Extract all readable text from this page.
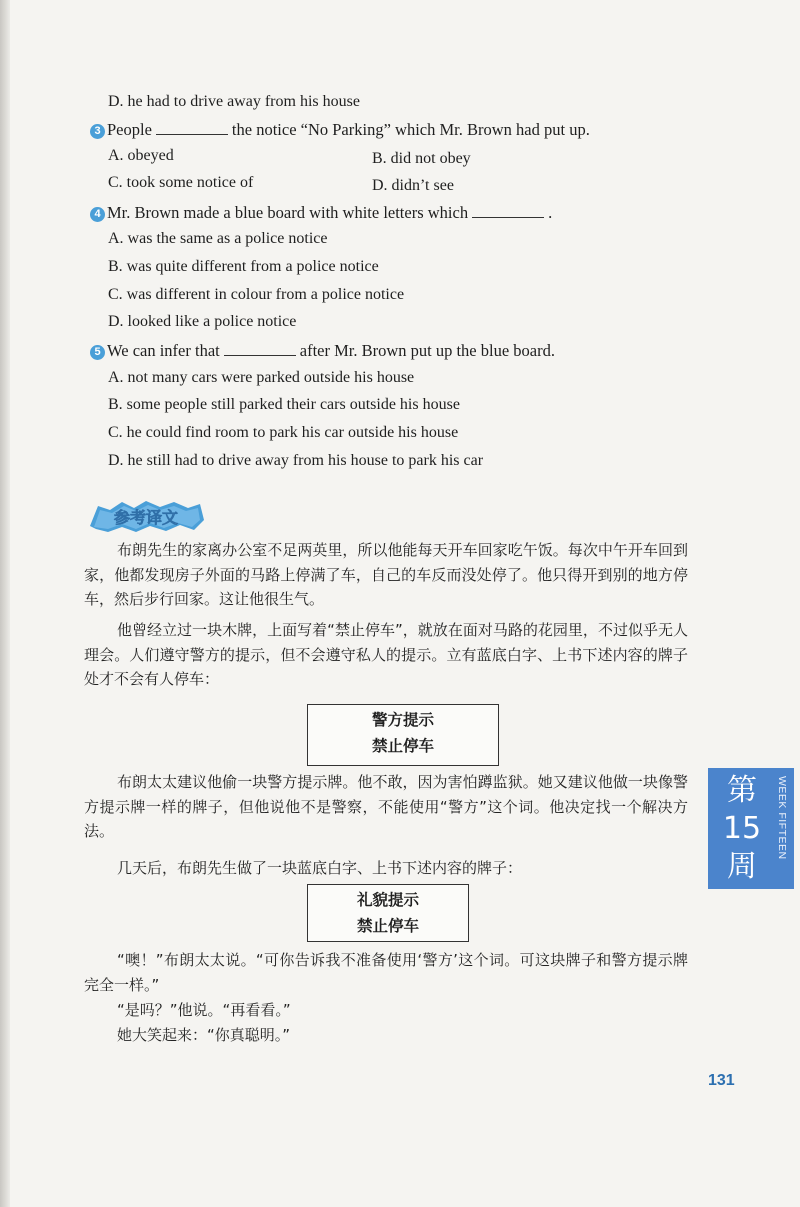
D. he had to drive away from his house
3 People	the notice “No Parking” which Mr. Brown had put up.
A. obeyed	B. did not obey
C. took some notice of	D. didn’t see
4 Mr. Brown made a blue board with white letters which	.
A. was the same as a police notice
B. was quite different from a police notice
C. was different in colour from a police notice
D. looked like a police notice
5 We can infer that	after Mr. Brown put up the blue board.
A. not many cars were parked outside his house
B. some people still parked their cars outside his house
C. he could find room to park his car outside his house
D. he still had to drive away from his house to park his car
参考译文

布朗先生的家离办公室不足两英里，所以他能每天开车回家吃午饭。每次中午开车回到家，他都发现房子外面的马路上停满了车，自己的车反而没处停了。他只得开到别的地方停车，然后步行回家。这让他很生气。

他曾经立过一块木牌，上面写着“禁止停车”，就放在面对马路的花园里，不过似乎无人理会。人们遵守警方的提示，但不会遵守私人的提示。立有蓝底白字、上书下述内容的牌子处才不会有人停车：

警方提示
禁止停车

布朗太太建议他偷一块警方提示牌。他不敢，因为害怕蹲监狱。她又建议他做一块像警方提示牌一样的牌子，但他说他不是警察，不能使用“警方”这个词。他决定找一个解决方法。

几天后，布朗先生做了一块蓝底白字、上书下述内容的牌子：

礼貌提示
禁止停车

“噢！”布朗太太说。“可你告诉我不准备使用‘警方’这个词。可这块牌子和警方提示牌完全一样。”

“是吗？”他说。“再看看。”

她大笑起来：“你真聪明。”

第15周
WEEK FIFTEEN
131
